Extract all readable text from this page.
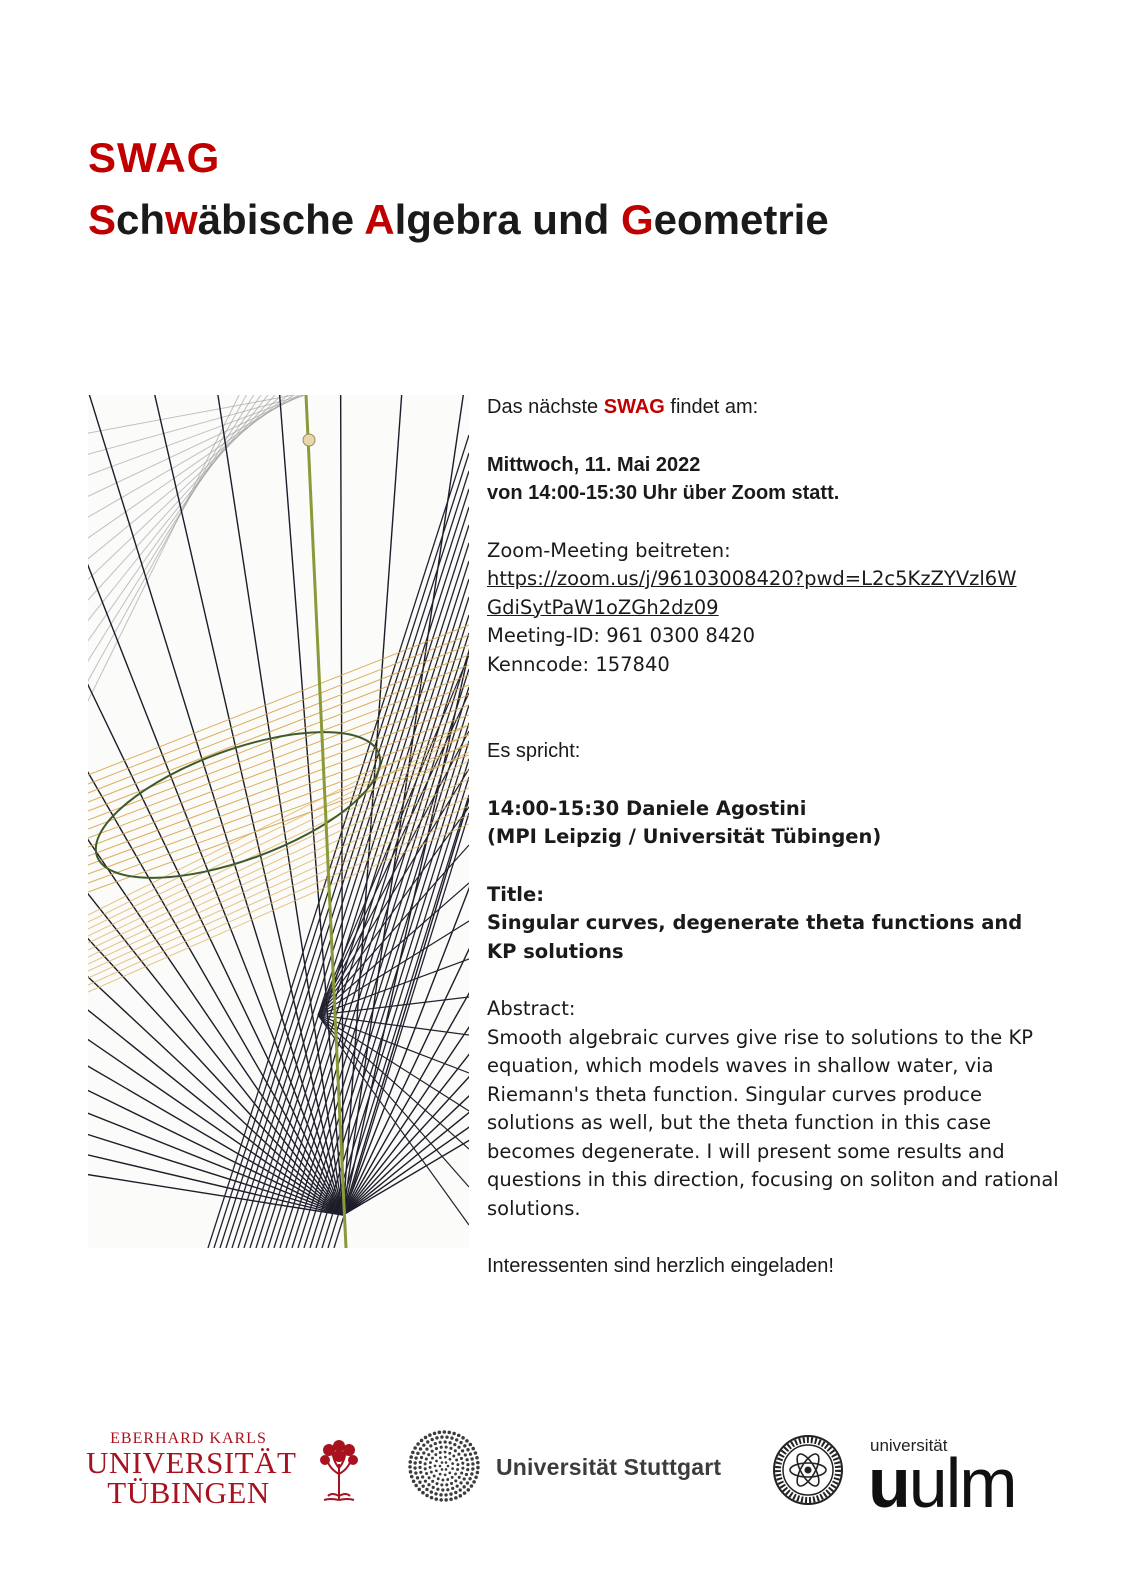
SWAG
Schwäbische Algebra und Geometrie

Das nächste SWAG findet am:

Mittwoch, 11. Mai 2022

von 14:00-15:30 Uhr über Zoom statt.

Zoom-Meeting beitreten:

https://zoom.us/j/96103008420?pwd=L2c5KzZYVzl6WGdiSytPaW1oZGh2dz09

Meeting-ID: 961 0300 8420

Kenncode: 157840

Es spricht:

14:00-15:30 Daniele Agostini

(MPI Leipzig / Universität Tübingen)

Title:

Singular curves, degenerate theta functions and

KP solutions

Abstract:

Smooth algebraic curves give rise to solutions to the KP

equation, which models waves in shallow water, via

Riemann's theta function. Singular curves produce

solutions as well, but the theta function in this case

becomes degenerate. I will present some results and

questions in this direction, focusing on soliton and rational

solutions.

Interessenten sind herzlich eingeladen!

EBERHARD KARLS
UNIVERSITÄT
TÜBINGEN
Universität Stuttgart
universität
uulm
